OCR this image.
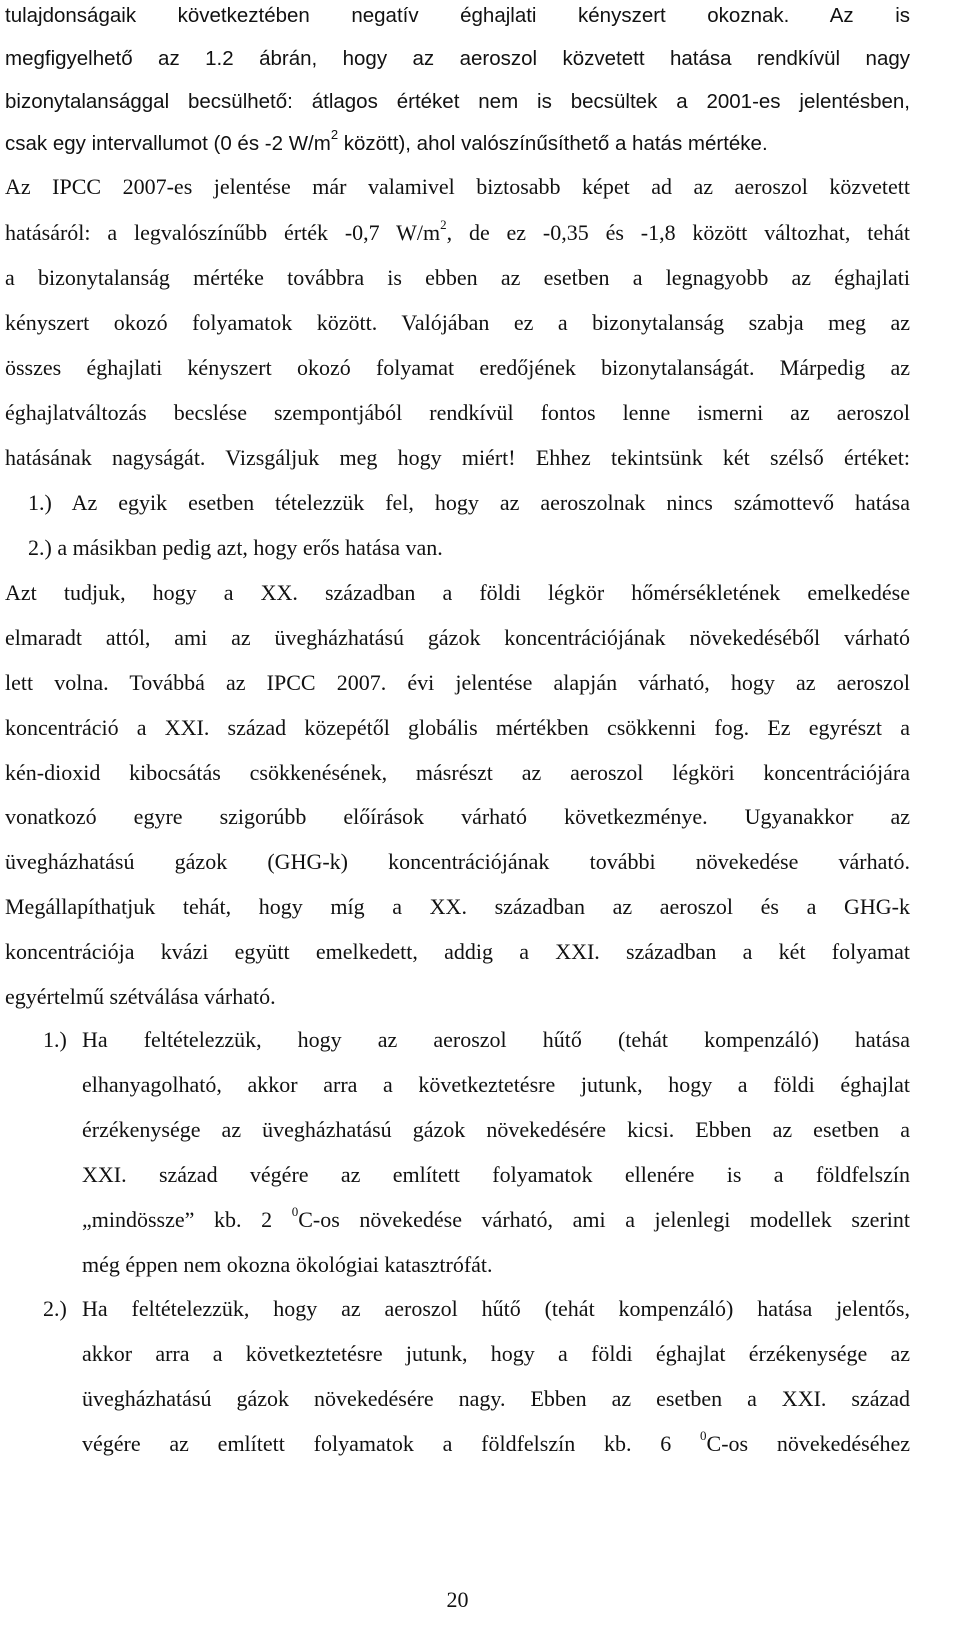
tulajdonságaik következtében negatív éghajlati kényszert okoznak. Az is
megfigyelhető az 1.2 ábrán, hogy az aeroszol közvetett hatása rendkívül nagy
bizonytalansággal becsülhető: átlagos értéket nem is becsültek a 2001-es jelentésben,
csak egy intervallumot (0 és -2 $W/m^2$ között), ahol valószínűsíthető a hatás mértéke.
Az IPCC 2007-es jelentése már valamivel biztosabb képet ad az aeroszol közvetett
hatásáról: a legvalószínűbb érték -0,7 $W/m^2$, de ez -0,35 és -1,8 között változhat, tehát
a bizonytalanság mértéke továbbra is ebben az esetben a legnagyobb az éghajlati
kényszert okozó folyamatok között. Valójában ez a bizonytalanság szabja meg az
összes éghajlati kényszert okozó folyamat eredőjének bizonytalanságát. Márpedig az
éghajlatváltozás becslése szempontjából rendkívül fontos lenne ismerni az aeroszol
hatásának nagyságát. Vizsgáljuk meg hogy miért! Ehhez tekintsünk két szélső értéket:
1.) Az egyik esetben tételezzük fel, hogy az aeroszolnak nincs számottevő hatása
2.) a másikban pedig azt, hogy erős hatása van.
Azt tudjuk, hogy a XX. században a földi légkör hőmérsékletének emelkedése
elmaradt attól, ami az üvegházhatású gázok koncentrációjának növekedéséből várható
lett volna. Továbbá az IPCC 2007. évi jelentése alapján várható, hogy az aeroszol
koncentráció a XXI. század közepétől globális mértékben csökkenni fog. Ez egyrészt a
kén-dioxid kibocsátás csökkenésének, másrészt az aeroszol légköri koncentrációjára
vonatkozó egyre szigorúbb előírások várható következménye. Ugyanakkor az
üvegházhatású gázok (GHG-k) koncentrációjának további növekedése várható.
Megállapíthatjuk tehát, hogy míg a XX. században az aeroszol és a GHG-k
koncentrációja kvázi együtt emelkedett, addig a XXI. században a két folyamat
egyértelmű szétválása várható.
1.) Ha feltételezzük, hogy az aeroszol hűtő (tehát kompenzáló) hatása
elhanyagolható, akkor arra a következtetésre jutunk, hogy a földi éghajlat
érzékenysége az üvegházhatású gázok növekedésére kicsi. Ebben az esetben a
XXI. század végére az említett folyamatok ellenére is a földfelszín
„mindössze” kb. 2 $^0$C-os növekedése várható, ami a jelenlegi modellek szerint
még éppen nem okozna ökológiai katasztrófát.
2.) Ha feltételezzük, hogy az aeroszol hűtő (tehát kompenzáló) hatása jelentős,
akkor arra a következtetésre jutunk, hogy a földi éghajlat érzékenysége az
üvegházhatású gázok növekedésére nagy. Ebben az esetben a XXI. század
végére az említett folyamatok a földfelszín kb. 6 $^0$C-os növekedéséhez
20
